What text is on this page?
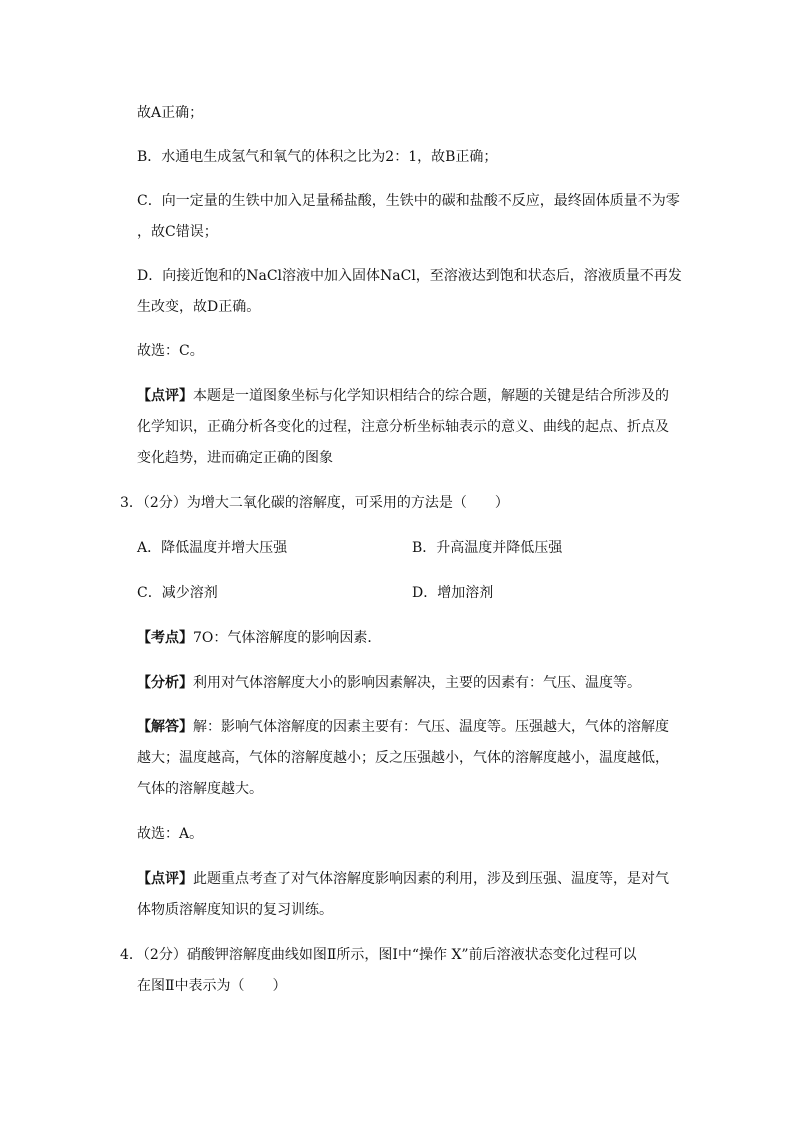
故A正确；
B．水通电生成氢气和氧气的体积之比为2：1，故B正确；
C．向一定量的生铁中加入足量稀盐酸，生铁中的碳和盐酸不反应，最终固体质量不为零
，故C错误；
D．向接近饱和的NaCl溶液中加入固体NaCl，至溶液达到饱和状态后，溶液质量不再发
生改变，故D正确。
故选：C。
【点评】本题是一道图象坐标与化学知识相结合的综合题，解题的关键是结合所涉及的
化学知识，正确分析各变化的过程，注意分析坐标轴表示的意义、曲线的起点、折点及
变化趋势，进而确定正确的图象
3．（2分）为增大二氧化碳的溶解度，可采用的方法是（　　）
A．降低温度并增大压强	B．升高温度并降低压强
C．减少溶剂	D．增加溶剂
【考点】7O：气体溶解度的影响因素．
【分析】利用对气体溶解度大小的影响因素解决，主要的因素有：气压、温度等。
【解答】解：影响气体溶解度的因素主要有：气压、温度等。压强越大，气体的溶解度
越大；温度越高，气体的溶解度越小；反之压强越小，气体的溶解度越小，温度越低，
气体的溶解度越大。
故选：A。
【点评】此题重点考查了对气体溶解度影响因素的利用，涉及到压强、温度等，是对气
体物质溶解度知识的复习训练。
4．（2分）硝酸钾溶解度曲线如图Ⅱ所示，图Ⅰ中“操作 X”前后溶液状态变化过程可以
在图Ⅱ中表示为（　　）
